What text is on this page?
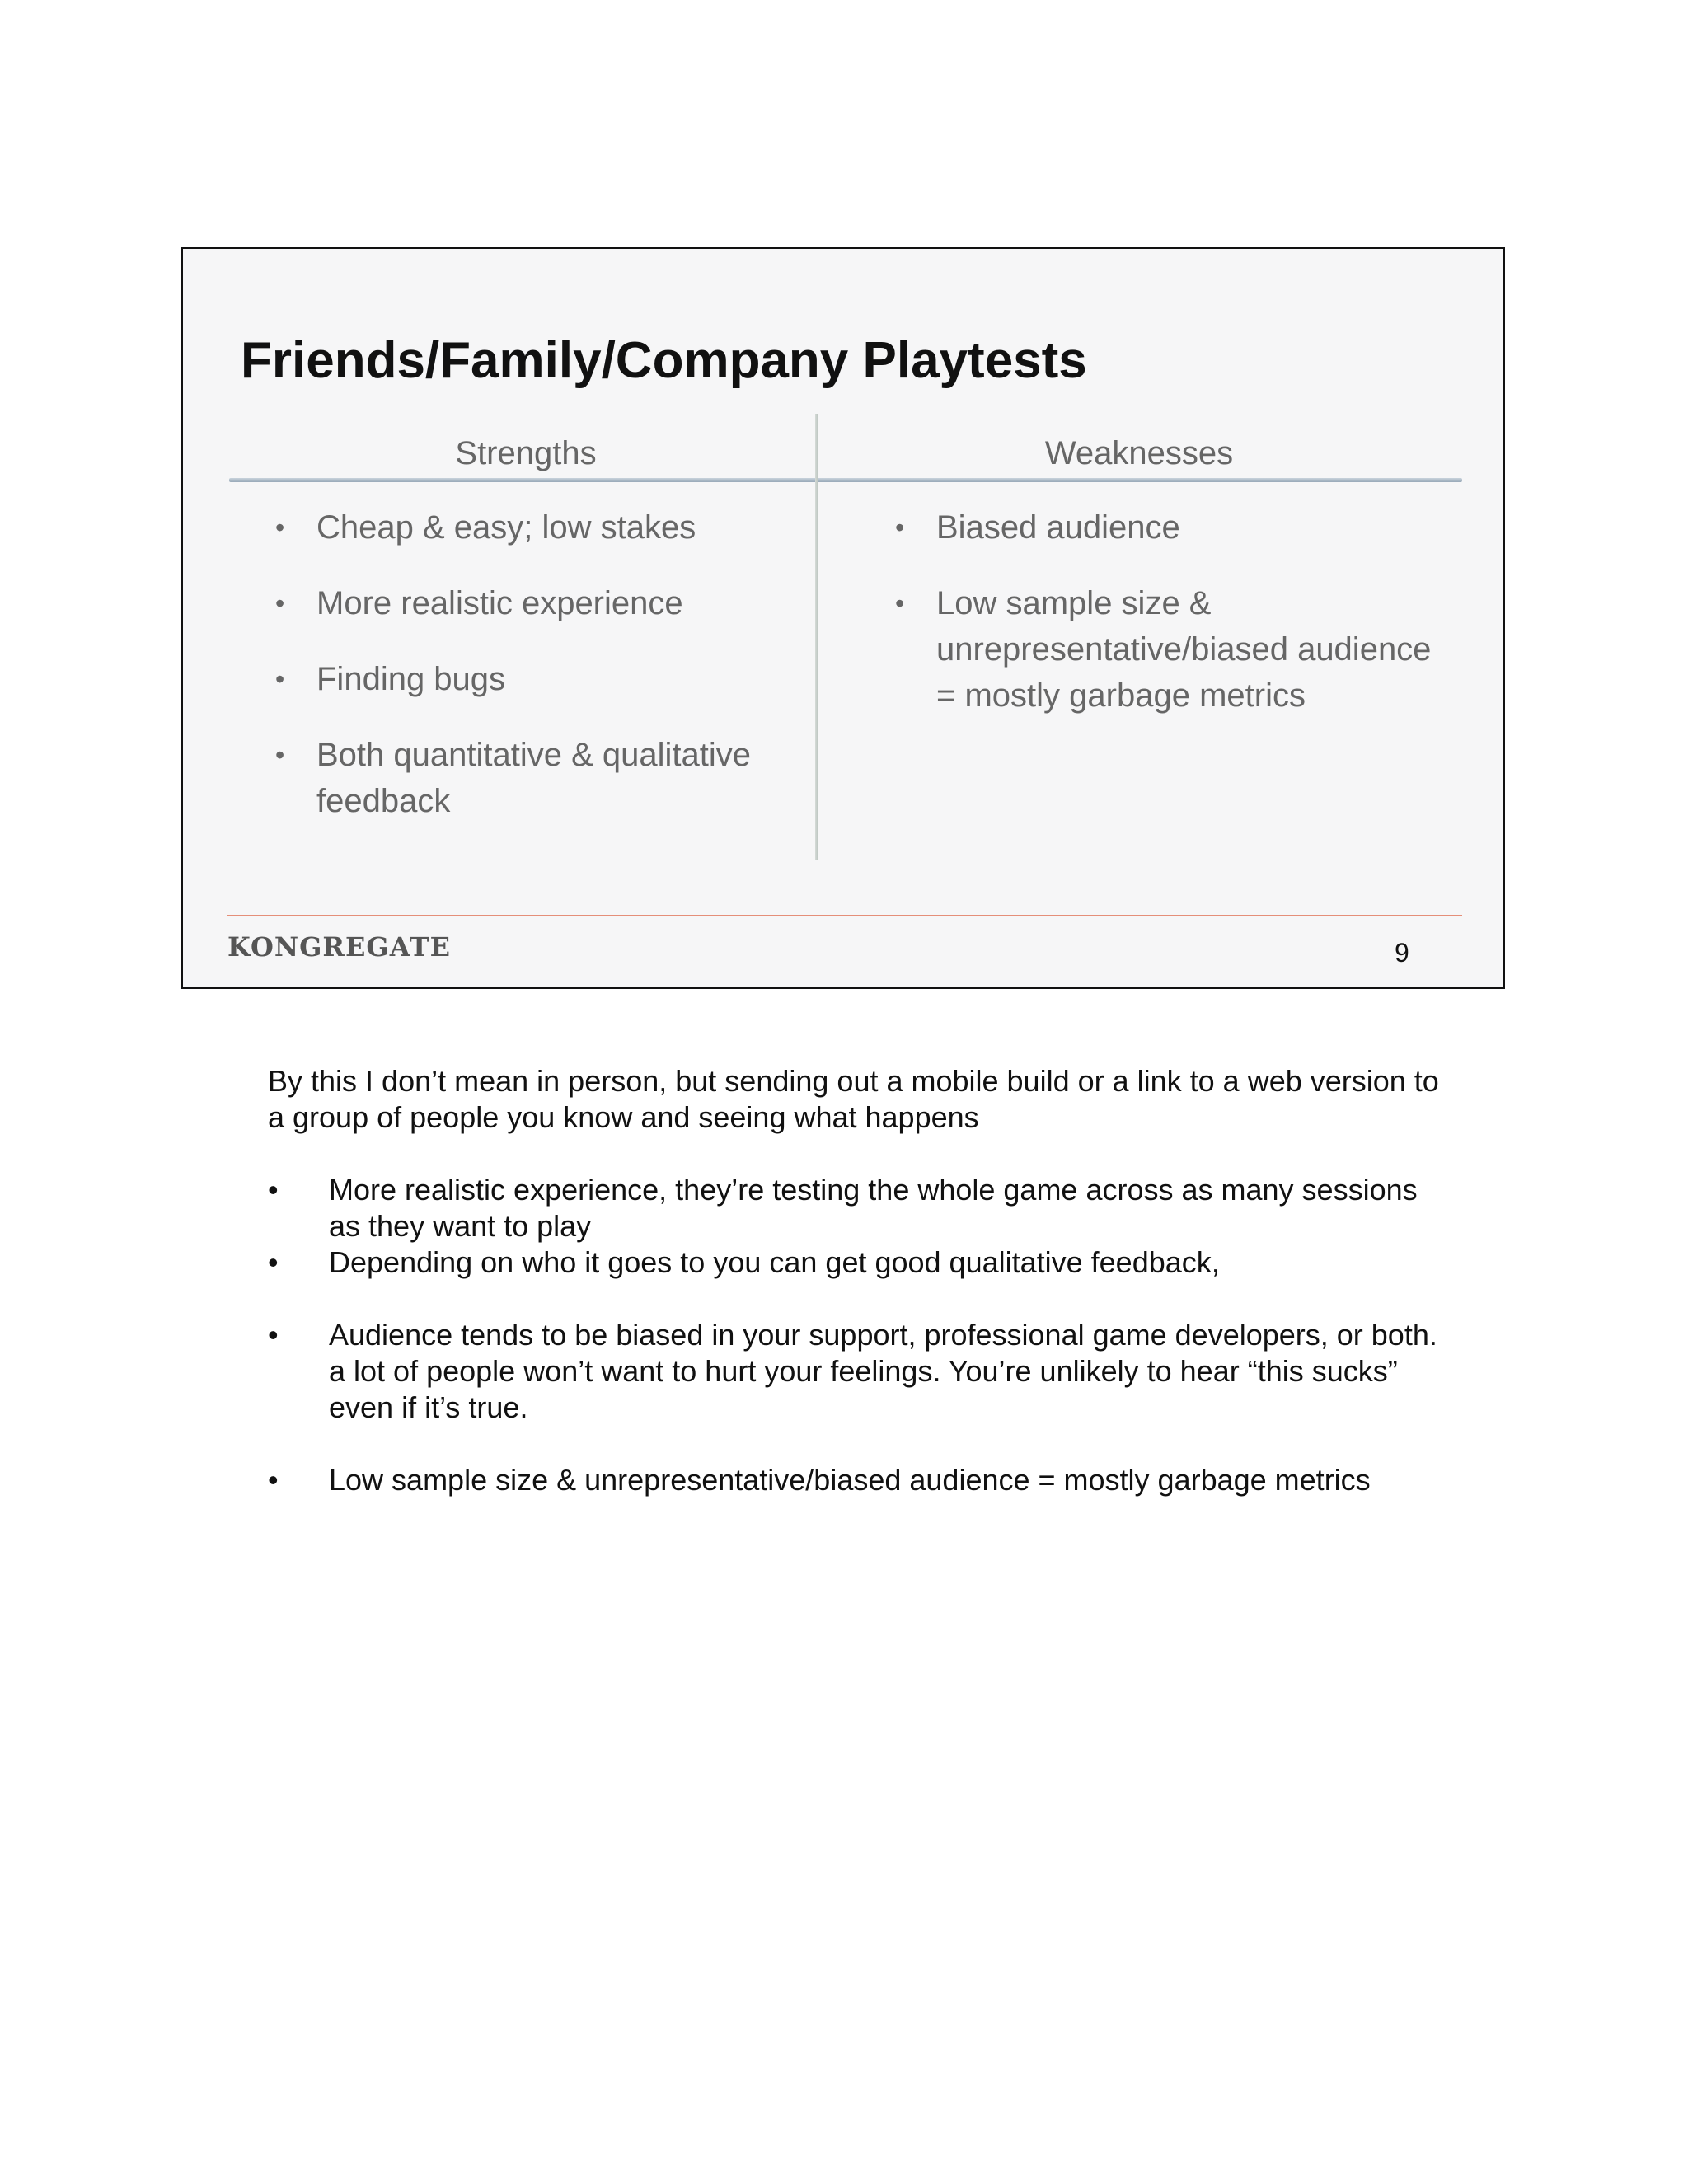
Friends/Family/Company Playtests
Strengths	Weaknesses
• Cheap & easy; low stakes
• More realistic experience
• Finding bugs
• Both quantitative & qualitative feedback
• Biased audience
• Low sample size & unrepresentative/biased audience = mostly garbage metrics
KONGREGATE	9

By this I don’t mean in person, but sending out a mobile build or a link to a web version to a group of people you know and seeing what happens

• More realistic experience, they’re testing the whole game across as many sessions as they want to play
• Depending on who it goes to you can get good qualitative feedback,
• Audience tends to be biased in your support, professional game developers, or both. a lot of people won’t want to hurt your feelings. You’re unlikely to hear “this sucks” even if it’s true.
• Low sample size & unrepresentative/biased audience = mostly garbage metrics
